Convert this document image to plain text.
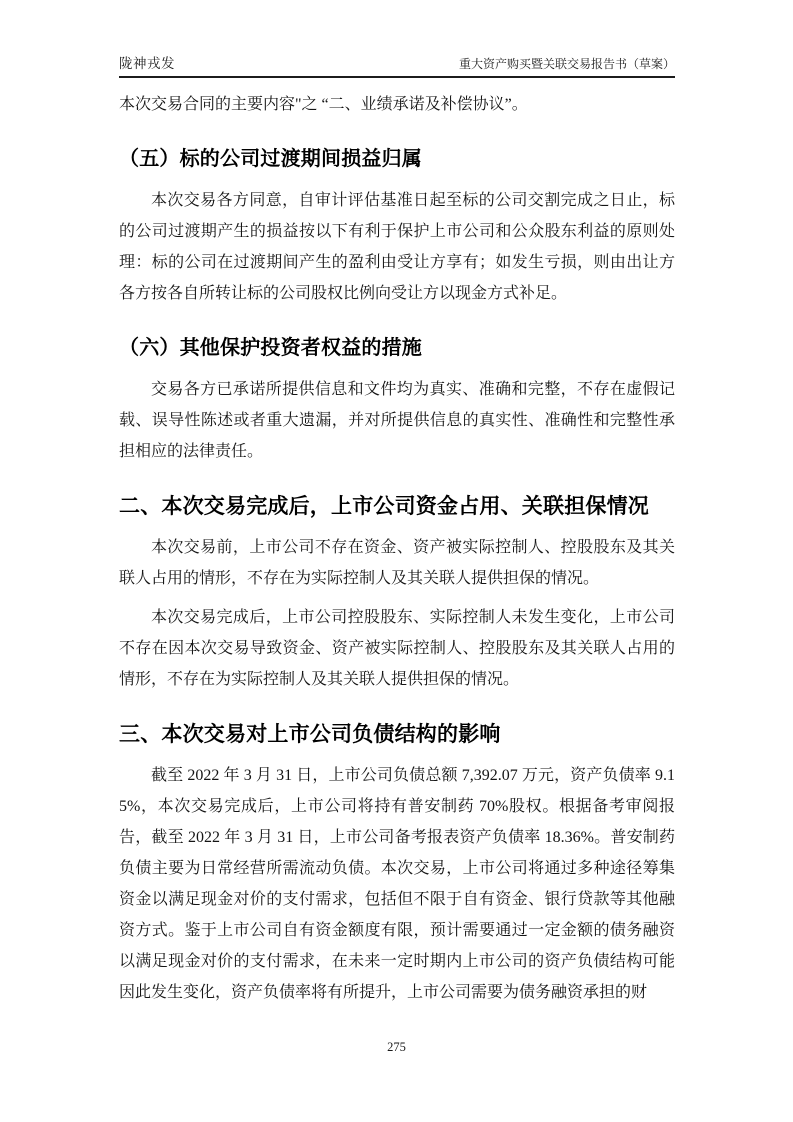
陇神戎发	重大资产购买暨关联交易报告书（草案）

本次交易合同的主要内容"之 “二、业绩承诺及补偿协议”。

（五）标的公司过渡期间损益归属

本次交易各方同意，自审计评估基准日起至标的公司交割完成之日止，标的公司过渡期产生的损益按以下有利于保护上市公司和公众股东利益的原则处理：标的公司在过渡期间产生的盈利由受让方享有；如发生亏损，则由出让方各方按各自所转让标的公司股权比例向受让方以现金方式补足。

（六）其他保护投资者权益的措施

交易各方已承诺所提供信息和文件均为真实、准确和完整，不存在虚假记载、误导性陈述或者重大遗漏，并对所提供信息的真实性、准确性和完整性承担相应的法律责任。

二、本次交易完成后，上市公司资金占用、关联担保情况

本次交易前，上市公司不存在资金、资产被实际控制人、控股股东及其关联人占用的情形，不存在为实际控制人及其关联人提供担保的情况。

本次交易完成后，上市公司控股股东、实际控制人未发生变化，上市公司不存在因本次交易导致资金、资产被实际控制人、控股股东及其关联人占用的情形，不存在为实际控制人及其关联人提供担保的情况。

三、本次交易对上市公司负债结构的影响

截至 2022 年 3 月 31 日，上市公司负债总额 7,392.07 万元，资产负债率 9.15%，本次交易完成后，上市公司将持有普安制药 70%股权。根据备考审阅报告，截至 2022 年 3 月 31 日，上市公司备考报表资产负债率 18.36%。普安制药负债主要为日常经营所需流动负债。本次交易，上市公司将通过多种途径筹集资金以满足现金对价的支付需求，包括但不限于自有资金、银行贷款等其他融资方式。鉴于上市公司自有资金额度有限，预计需要通过一定金额的债务融资以满足现金对价的支付需求，在未来一定时期内上市公司的资产负债结构可能因此发生变化，资产负债率将有所提升，上市公司需要为债务融资承担的财

275
